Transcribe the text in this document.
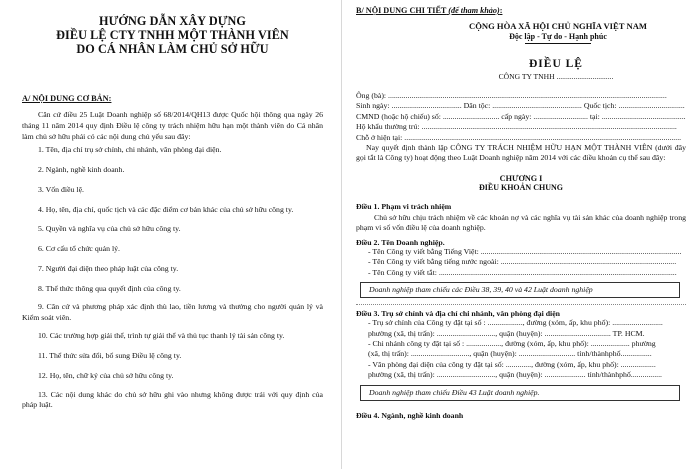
HƯỚNG DẪN XÂY DỰNG
ĐIỀU LỆ CTY TNHH MỘT THÀNH VIÊN
DO CÁ NHÂN LÀM CHỦ SỞ HỮU
A/ NỘI DUNG CƠ BẢN:
Căn cứ điều 25 Luật Doanh nghiệp số 68/2014/QH13 được Quốc hội thông qua ngày 26 tháng 11 năm 2014 quy định Điều lệ công ty trách nhiệm hữu hạn một thành viên do Cá nhân làm chủ sở hữu phải có các nội dung chủ yếu sau đây:
1. Tên, địa chỉ trụ sở chính, chi nhánh, văn phòng đại diện.
2. Ngành, nghề kinh doanh.
3. Vốn điều lệ.
4. Họ, tên, địa chỉ, quốc tịch và các đặc điểm cơ bản khác của chủ sở hữu công ty.
5. Quyền và nghĩa vụ của chủ sở hữu công ty.
6. Cơ cấu tổ chức quản lý.
7. Người đại diện theo pháp luật của công ty.
8. Thể thức thông qua quyết định của công ty.
9. Căn cứ và phương pháp xác định thù lao, tiền lương và thưởng cho người quản lý và Kiểm soát viên.
10. Các trường hợp giải thể, trình tự giải thể và thủ tục thanh lý tài sản công ty.
11. Thể thức sửa đổi, bổ sung Điều lệ công ty.
12. Họ, tên, chữ ký của chủ sở hữu công ty.
13. Các nội dung khác do chủ sở hữu ghi vào nhưng không được trái với quy định của pháp luật.
B/ NỘI DUNG CHI TIẾT (để tham khảo):
CỘNG HÒA XÃ HỘI CHỦ NGHĨA VIỆT NAM
Độc lập - Tự do - Hạnh phúc
ĐIỀU LỆ
CÔNG TY TNHH ..............................
Ông (bà): ...............................................................................................................................................
Sinh ngày: .................................... Dân tộc: .............................................. Quốc tịch: ..................................
CMND (hoặc hộ chiếu) số: ............................. cấp ngày: ............................ tại: ...........................................
Hộ khẩu thường trú: ...................................................................................................................................
Chỗ ở hiện tại: ..............................................................................................................................................
Nay quyết định thành lập CÔNG TY TRÁCH NHIỆM HỮU HẠN MỘT THÀNH VIÊN (dưới đây gọi tắt là Công ty) hoạt động theo Luật Doanh nghiệp năm 2014 với các điều khoản cụ thể sau đây:
CHƯƠNG I
ĐIỀU KHOẢN CHUNG
Điều 1. Phạm vi trách nhiệm
Chủ sở hữu chịu trách nhiệm về các khoản nợ và các nghĩa vụ tài sản khác của doanh nghiệp trong phạm vi số vốn điều lệ của doanh nghiệp.
Điều 2. Tên Doanh nghiệp.
- Tên Công ty viết bằng Tiếng Việt: .......................................................................................................
- Tên Công ty viết bằng tiếng nước ngoài: ..........................................................................................
- Tên Công ty viết tắt: ..........................................................................................................................
Doanh nghiệp tham chiếu các Điều 38, 39, 40 và 42 Luật doanh nghiệp
Điều 3. Trụ sở chính và địa chỉ chi nhánh, văn phòng đại diện
- Trụ sở chính của Công ty đặt tại số : .................., đường (xóm, ấp, khu phố): ..........................
phường (xã, thị trấn): .............................., quận (huyện): .................................. TP. HCM.
- Chi nhánh công ty đặt tại số : .................., đường (xóm, ấp, khu phố): .................... phường
(xã, thị trấn): .............................., quận (huyện): ............................. tỉnh/thànhphố................
- Văn phòng đại diện của công ty đặt tại số: ............., đường (xóm, ấp, khu phố): ..................
phường (xã, thị trấn): .............................., quận (huyện): ..................... tỉnh/thànhphố................
Doanh nghiệp tham chiếu Điều 43 Luật doanh nghiệp.
Điều 4. Ngành, nghề kinh doanh
